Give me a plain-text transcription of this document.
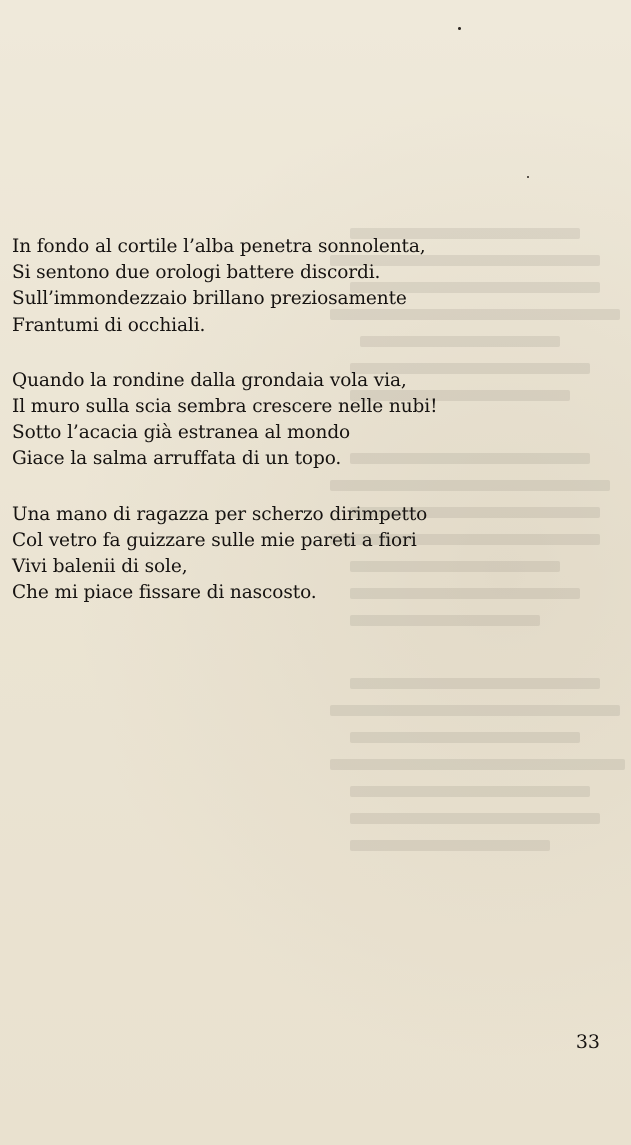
In fondo al cortile l’alba penetra sonnolenta,
Si sentono due orologi battere discordi.
Sull’immondezzaio brillano preziosamente
Frantumi di occhiali.
Quando la rondine dalla grondaia vola via,
Il muro sulla scia sembra crescere nelle nubi!
Sotto l’acacia già estranea al mondo
Giace la salma arruffata di un topo.
Una mano di ragazza per scherzo dirimpetto
Col vetro fa guizzare sulle mie pareti a fiori
Vivi balenii di sole,
Che mi piace fissare di nascosto.
33
